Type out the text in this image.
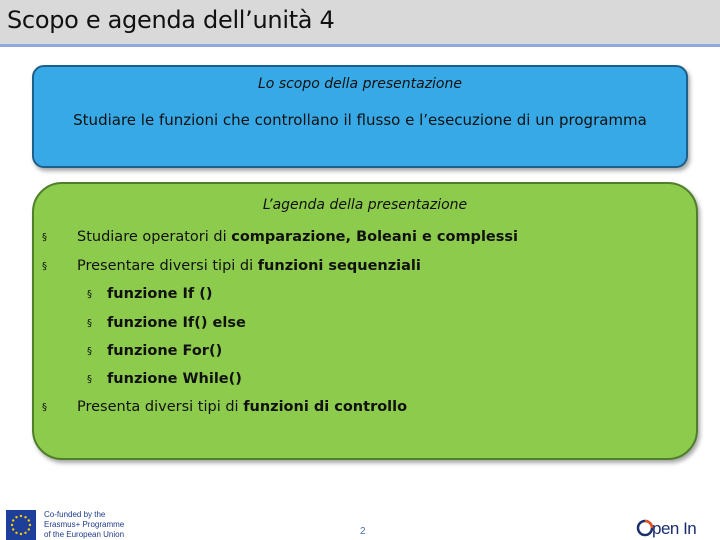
Scopo e agenda dell’unità 4
Lo scopo della presentazione
Studiare le funzioni che controllano il flusso e l’esecuzione di un programma
L’agenda della presentazione
§ Studiare operatori di comparazione, Boleani e complessi
§ Presentare diversi tipi di funzioni sequenziali
§ funzione If ()
§ funzione If() else
§ funzione For()
§ funzione While()
§ Presenta diversi tipi di funzioni di controllo
Co-funded by the
Erasmus+ Programme
of the European Union	2	pen In
